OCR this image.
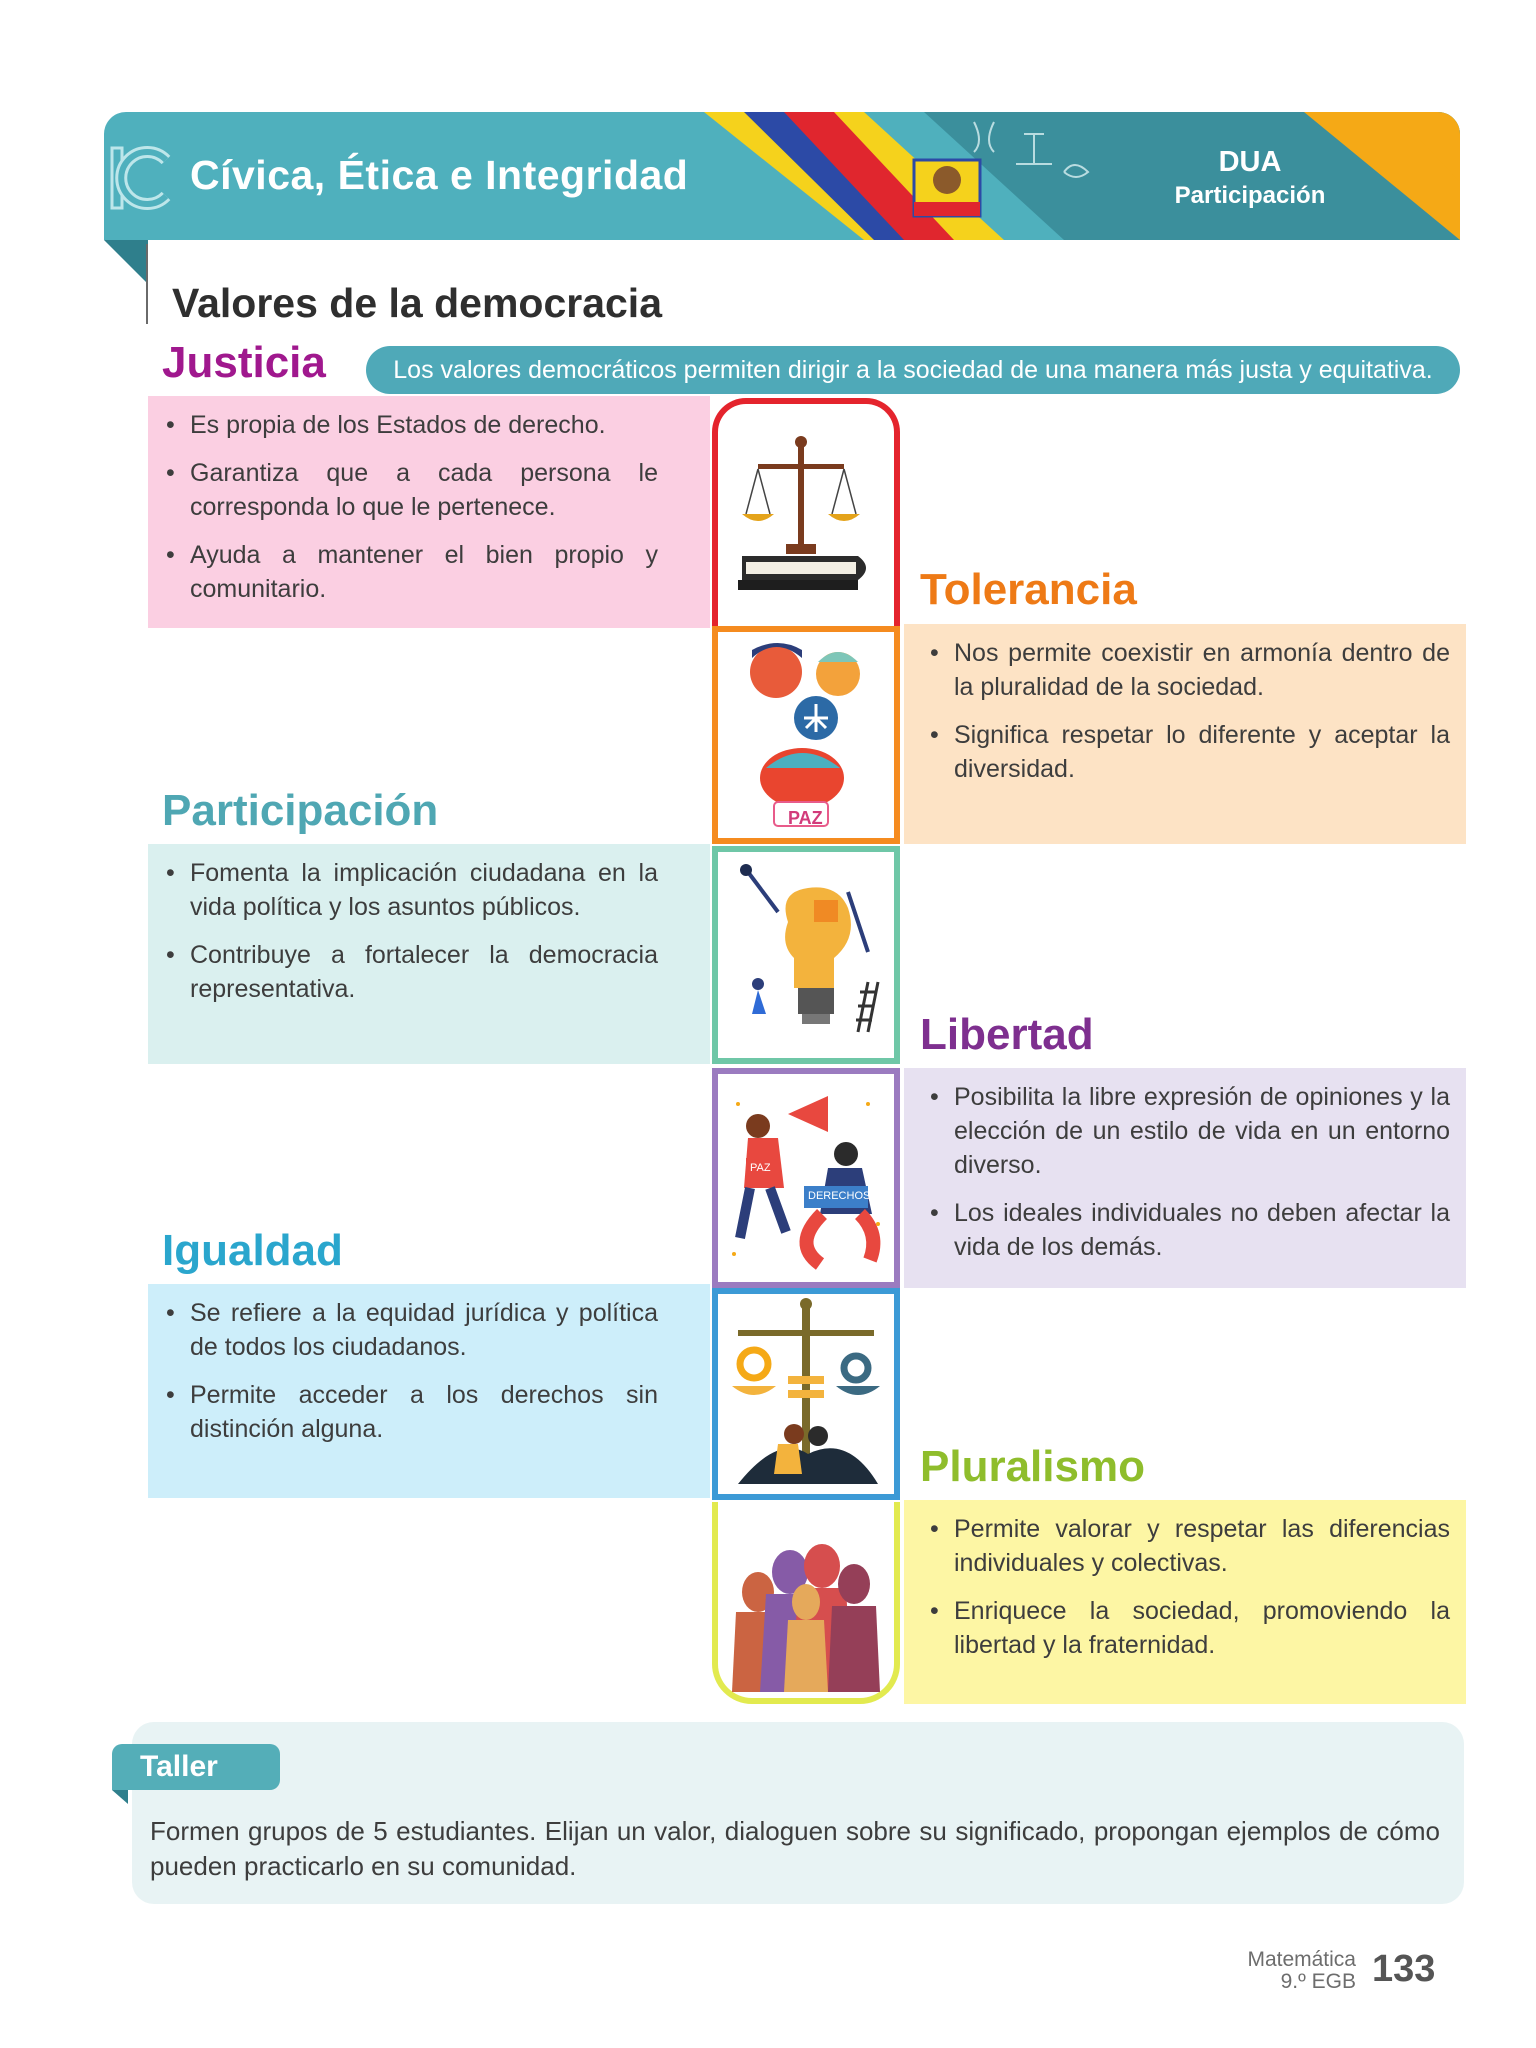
Cívica, Ética e Integridad	DUA
Participación
Valores de la democracia
Justicia	Los valores democráticos permiten dirigir a la sociedad de una manera más justa y equitativa.
• Es propia de los Estados de derecho.
• Garantiza que a cada persona le corresponda lo que le pertenece.
• Ayuda a mantener el bien propio y comunitario.	Tolerancia
• Nos permite coexistir en armonía dentro de la pluralidad de la sociedad.
• Significa respetar lo diferente y aceptar la diversidad.
Participación
• Fomenta la implicación ciudadana en la vida política y los asuntos públicos.
• Contribuye a fortalecer la democracia representativa.
Libertad
• Posibilita la libre expresión de opiniones y la elección de un estilo de vida en un entorno diverso.
• Los ideales individuales no deben afectar la vida de los demás.
Igualdad
• Se refiere a la equidad jurídica y política de todos los ciudadanos.
• Permite acceder a los derechos sin distinción alguna.
Pluralismo
• Permite valorar y respetar las diferencias individuales y colectivas.
• Enriquece la sociedad, promoviendo la libertad y la fraternidad.
PAZ
PAZ
DERECHOS
Taller
Formen grupos de 5 estudiantes. Elijan un valor, dialoguen sobre su significado, propongan ejemplos de cómo pueden practicarlo en su comunidad.
Matemática
9.º EGB 133
